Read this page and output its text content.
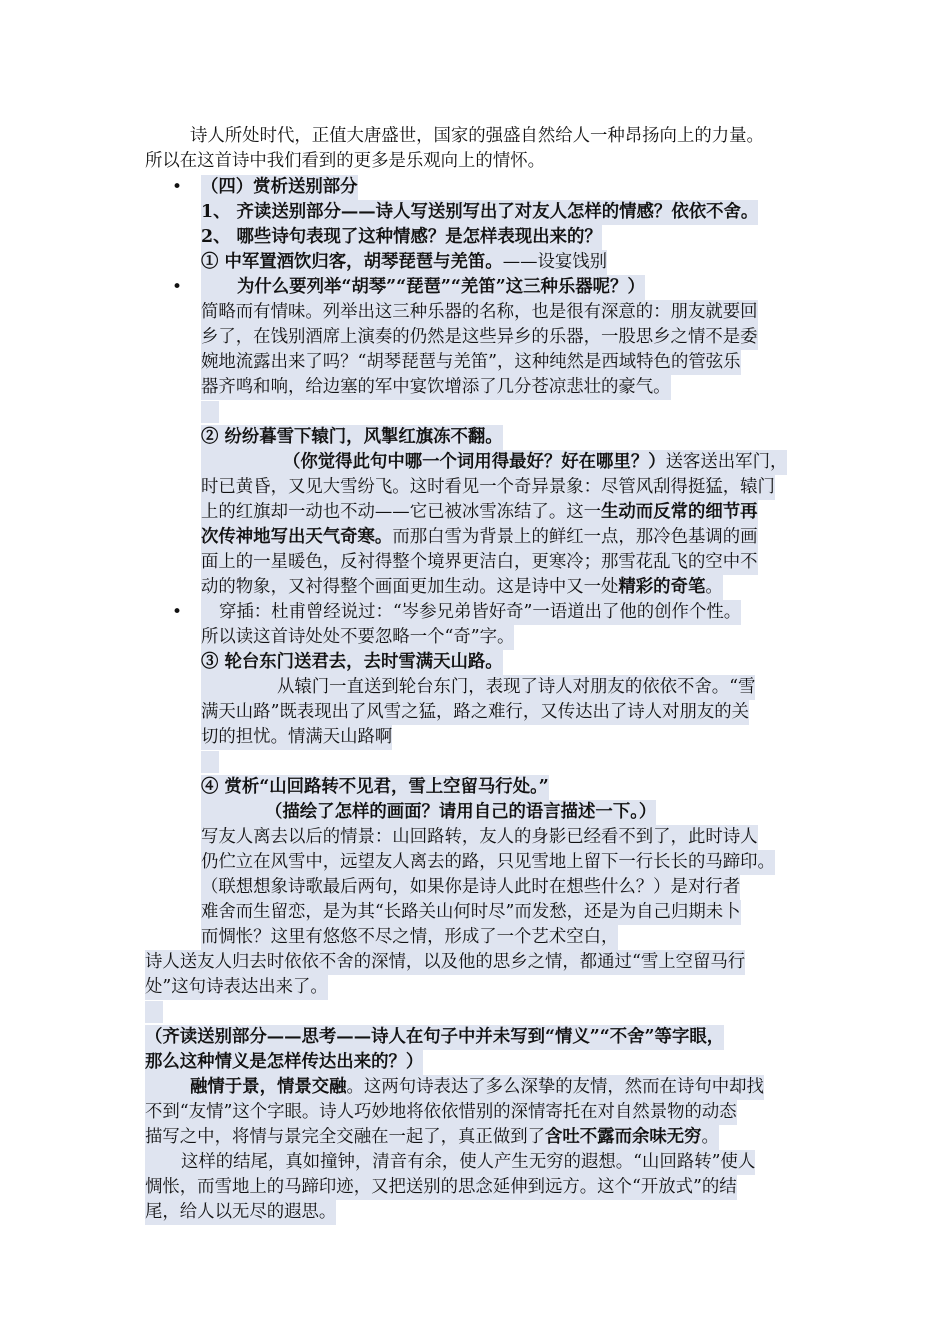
诗人所处时代，正值大唐盛世，国家的强盛自然给人一种昂扬向上的力量。

所以在这首诗中我们看到的更多是乐观向上的情怀。

• （四）赏析送别部分

1、 齐读送别部分——诗人写送别写出了对友人怎样的情感？依依不舍。

2、 哪些诗句表现了这种情感？是怎样表现出来的？

① 中军置酒饮归客，胡琴琵琶与羌笛。——设宴饯别

•	为什么要列举“胡琴”“琵琶”“羌笛”这三种乐器呢？）

简略而有情味。列举出这三种乐器的名称，也是很有深意的：朋友就要回

乡了，在饯别酒席上演奏的仍然是这些异乡的乐器，一股思乡之情不是委

婉地流露出来了吗？“胡琴琵琶与羌笛”，这种纯然是西域特色的管弦乐

器齐鸣和响，给边塞的军中宴饮增添了几分苍凉悲壮的豪气。

② 纷纷暮雪下辕门，风掣红旗冻不翻。

（你觉得此句中哪一个词用得最好？好在哪里？）送客送出军门，

时已黄昏，又见大雪纷飞。这时看见一个奇异景象：尽管风刮得挺猛，辕门

上的红旗却一动也不动——它已被冰雪冻结了。这一生动而反常的细节再

次传神地写出天气奇寒。而那白雪为背景上的鲜红一点，那冷色基调的画

面上的一星暖色，反衬得整个境界更洁白，更寒冷；那雪花乱飞的空中不

动的物象，又衬得整个画面更加生动。这是诗中又一处精彩的奇笔。

•	穿插：杜甫曾经说过：“岑参兄弟皆好奇”一语道出了他的创作个性。

所以读这首诗处处不要忽略一个“奇”字。

③ 轮台东门送君去，去时雪满天山路。

从辕门一直送到轮台东门，表现了诗人对朋友的依依不舍。“雪

满天山路”既表现出了风雪之猛，路之难行，又传达出了诗人对朋友的关

切的担忧。情满天山路啊

④ 赏析“山回路转不见君，雪上空留马行处。”

（描绘了怎样的画面？请用自己的语言描述一下。）

写友人离去以后的情景：山回路转，友人的身影已经看不到了，此时诗人

仍伫立在风雪中，远望友人离去的路，只见雪地上留下一行长长的马蹄印。

（联想想象诗歌最后两句，如果你是诗人此时在想些什么？）是对行者

难舍而生留恋，是为其“长路关山何时尽”而发愁，还是为自己归期未卜

而惆怅？这里有悠悠不尽之情，形成了一个艺术空白，

诗人送友人归去时依依不舍的深情，以及他的思乡之情，都通过“雪上空留马行

处”这句诗表达出来了。

（齐读送别部分——思考——诗人在句子中并未写到“情义”“不舍”等字眼，

那么这种情义是怎样传达出来的？）

融情于景，情景交融。这两句诗表达了多么深挚的友情，然而在诗句中却找

不到“友情”这个字眼。诗人巧妙地将依依惜别的深情寄托在对自然景物的动态

描写之中，将情与景完全交融在一起了，真正做到了含吐不露而余味无穷。

这样的结尾，真如撞钟，清音有余，使人产生无穷的遐想。“山回路转”使人

惆怅，而雪地上的马蹄印迹，又把送别的思念延伸到远方。这个“开放式”的结

尾，给人以无尽的遐思。
